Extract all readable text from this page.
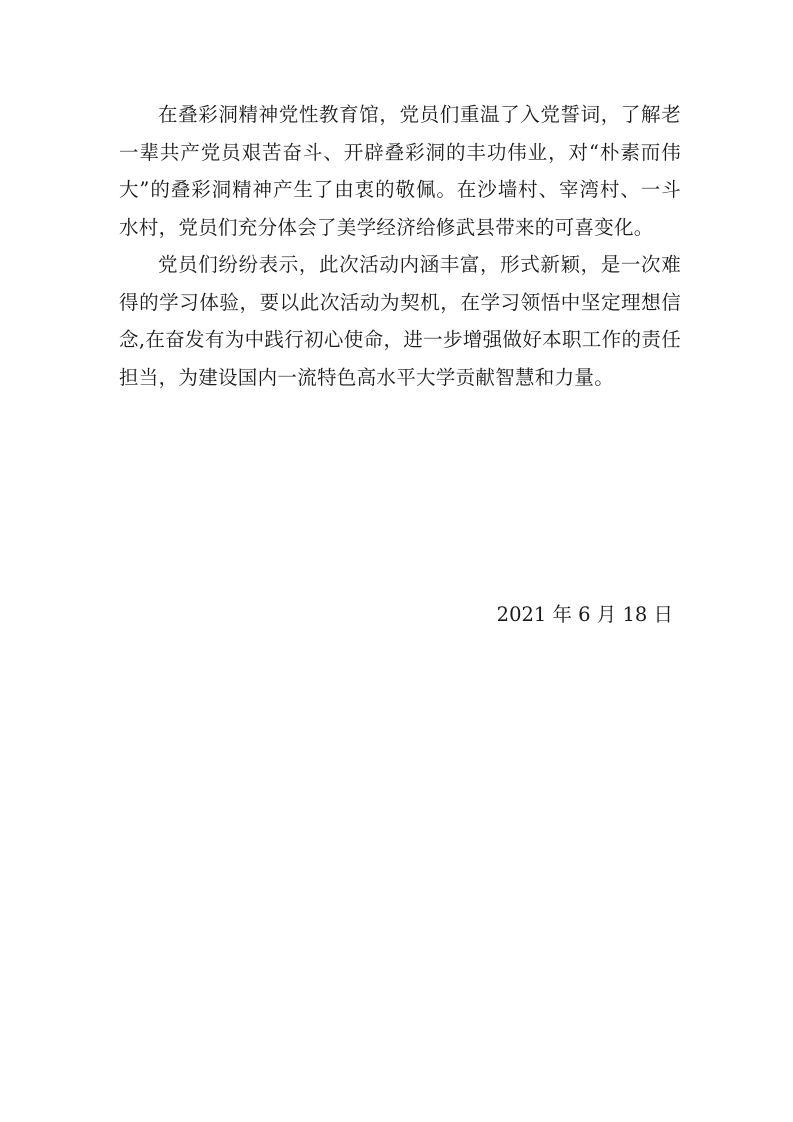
在叠彩洞精神党性教育馆，党员们重温了入党誓词，了解老一辈共产党员艰苦奋斗、开辟叠彩洞的丰功伟业，对“朴素而伟大”的叠彩洞精神产生了由衷的敬佩。在沙墙村、宰湾村、一斗水村，党员们充分体会了美学经济给修武县带来的可喜变化。

党员们纷纷表示，此次活动内涵丰富，形式新颖，是一次难得的学习体验，要以此次活动为契机，在学习领悟中坚定理想信念,在奋发有为中践行初心使命，进一步增强做好本职工作的责任担当，为建设国内一流特色高水平大学贡献智慧和力量。

2021 年 6 月 18 日
